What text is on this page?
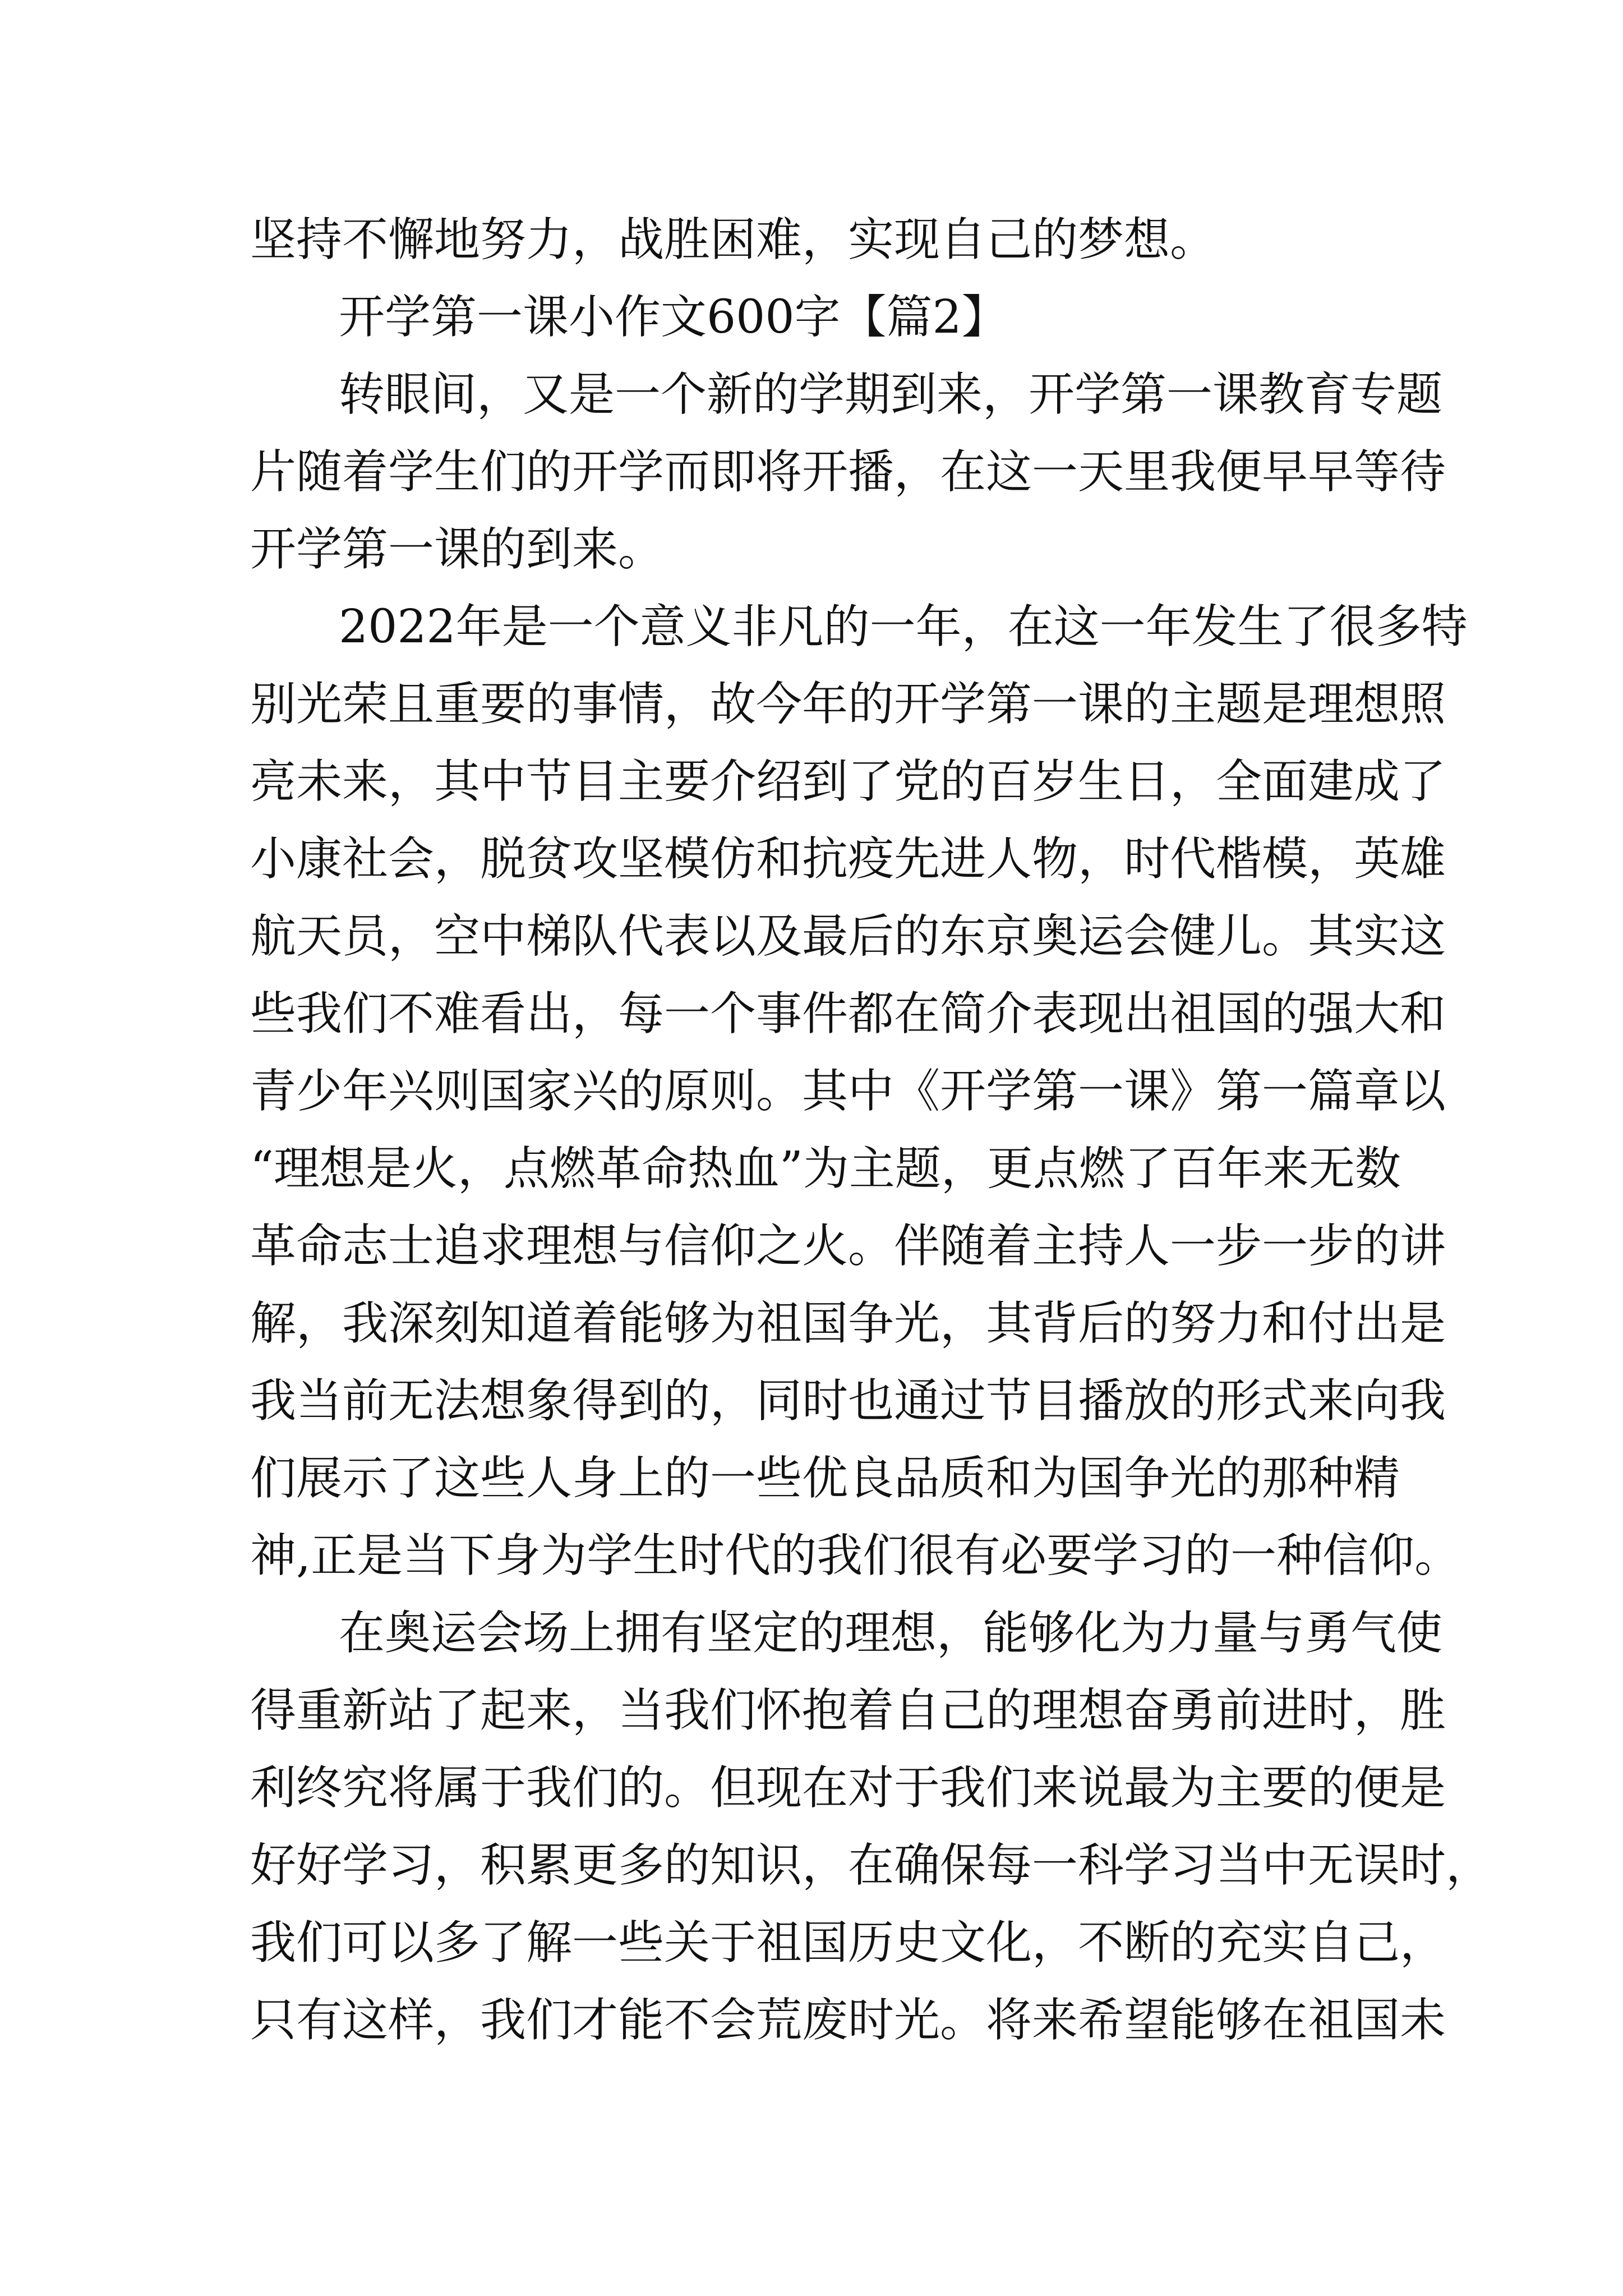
坚持不懈地努力，战胜困难，实现自己的梦想。
开学第一课小作文600字【篇2】
转眼间，又是一个新的学期到来，开学第一课教育专题
片随着学生们的开学而即将开播，在这一天里我便早早等待
开学第一课的到来。
2022年是一个意义非凡的一年，在这一年发生了很多特
别光荣且重要的事情，故今年的开学第一课的主题是理想照
亮未来，其中节目主要介绍到了党的百岁生日，全面建成了
小康社会，脱贫攻坚模仿和抗疫先进人物，时代楷模，英雄
航天员，空中梯队代表以及最后的东京奥运会健儿。其实这
些我们不难看出，每一个事件都在简介表现出祖国的强大和
青少年兴则国家兴的原则。其中《开学第一课》第一篇章以
“理想是火，点燃革命热血”为主题，更点燃了百年来无数
革命志士追求理想与信仰之火。伴随着主持人一步一步的讲
解，我深刻知道着能够为祖国争光，其背后的努力和付出是
我当前无法想象得到的，同时也通过节目播放的形式来向我
们展示了这些人身上的一些优良品质和为国争光的那种精
神,正是当下身为学生时代的我们很有必要学习的一种信仰。
在奥运会场上拥有坚定的理想，能够化为力量与勇气使
得重新站了起来，当我们怀抱着自己的理想奋勇前进时，胜
利终究将属于我们的。但现在对于我们来说最为主要的便是
好好学习，积累更多的知识，在确保每一科学习当中无误时，
我们可以多了解一些关于祖国历史文化，不断的充实自己，
只有这样，我们才能不会荒废时光。将来希望能够在祖国未
